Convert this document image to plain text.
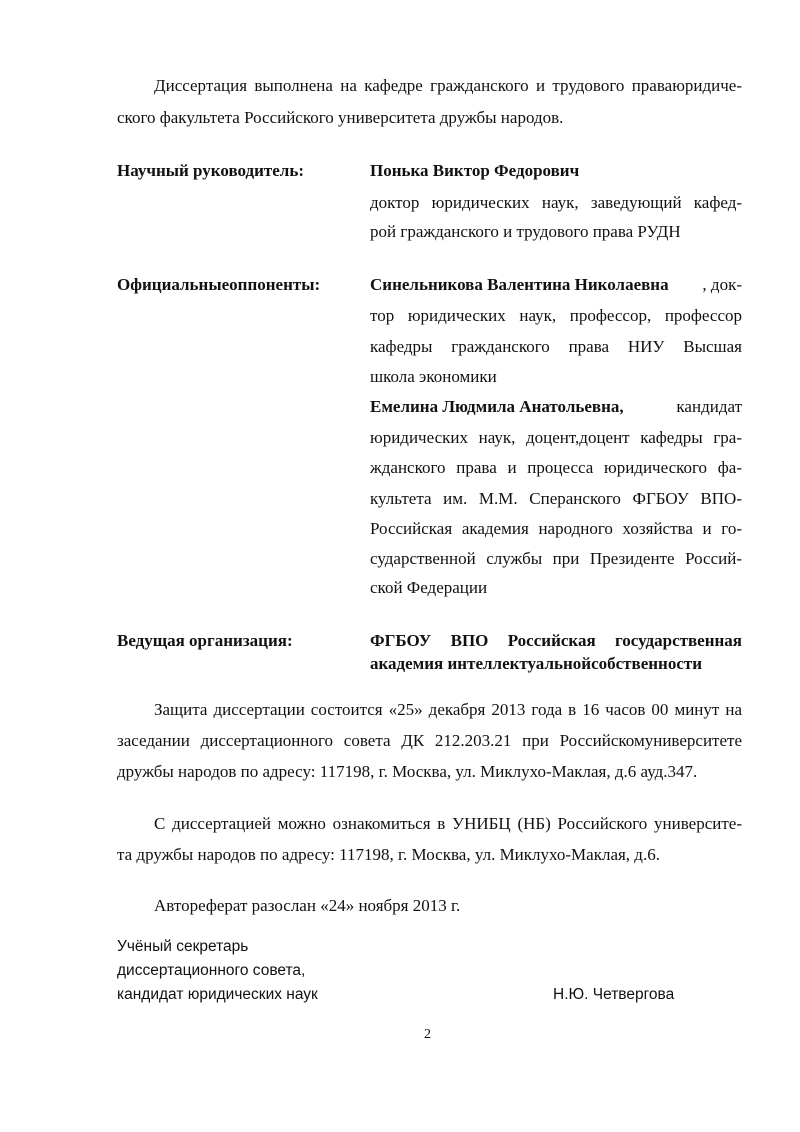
Диссертация выполнена на кафедре гражданского и трудового праваюридиче-
ского факультета Российского университета дружбы народов.
Научный руководитель:	Понька Виктор Федорович
доктор юридических наук, заведующий кафед-
рой гражданского и трудового права РУДН
Официальныеоппоненты:	Синельникова Валентина Николаевна , док-
тор юридических наук, профессор, профессор
кафедры гражданского права НИУ Высшая
школа экономики
Емелина Людмила Анатольевна,	кандидат
юридических наук, доцент,доцент кафедры гра-
жданского права и процесса юридического фа-
культета им. М.М. Сперанского ФГБОУ ВПО-
Российская академия народного хозяйства и го-
сударственной службы при Президенте Россий-
ской Федерации
Ведущая организация:	ФГБОУ ВПО Российская государственная
академия интеллектуальнойсобственности
Защита диссертации состоится «25» декабря 2013 года в 16 часов 00 минут на
заседании диссертационного совета ДК 212.203.21 при Российскомуниверситете
дружбы народов по адресу: 117198, г. Москва, ул. Миклухо-Маклая, д.6 ауд.347.
С диссертацией можно ознакомиться в УНИБЦ (НБ) Российского университе-
та дружбы народов по адресу: 117198, г. Москва, ул. Миклухо-Маклая, д.6.
Автореферат разослан «24» ноября 2013 г.
Учёный секретарь
диссертационного совета,
кандидат юридических наук	Н.Ю. Четвергова
2
